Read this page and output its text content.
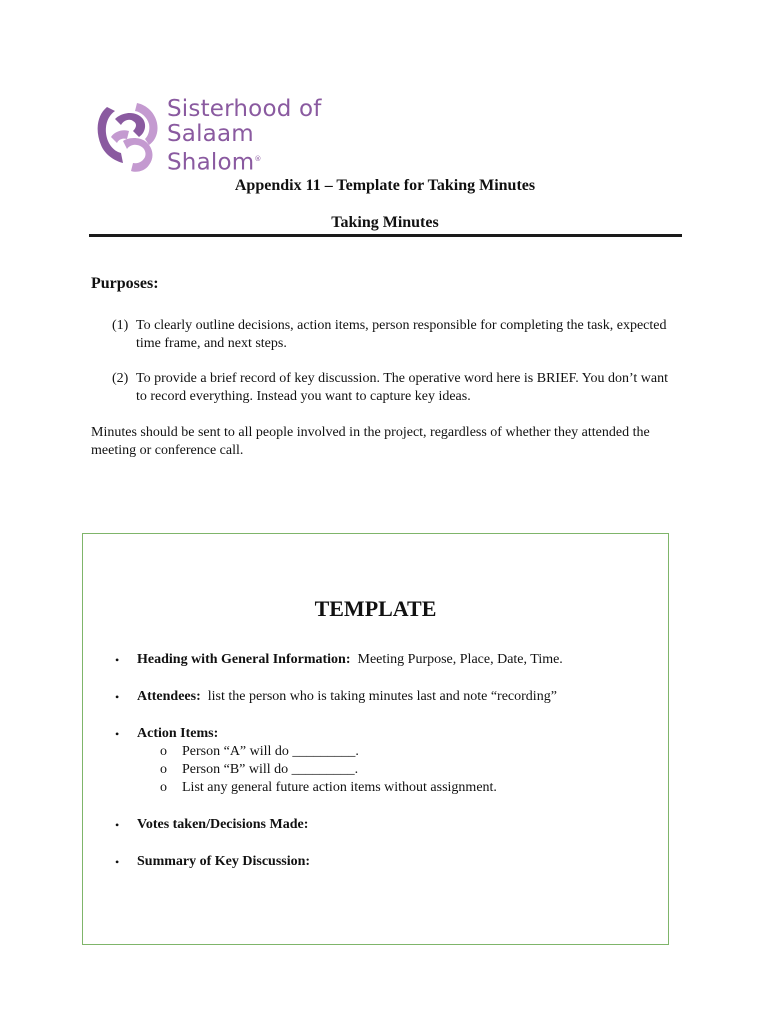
Sisterhood of
Salaam Shalom®
Appendix 11 – Template for Taking Minutes
Taking Minutes
Purposes:
(1) To clearly outline decisions, action items, person responsible for completing the task, expected time frame, and next steps.
(2) To provide a brief record of key discussion. The operative word here is BRIEF. You don’t want to record everything. Instead you want to capture key ideas.
Minutes should be sent to all people involved in the project, regardless of whether they attended the meeting or conference call.
TEMPLATE
•	Heading with General Information:  Meeting Purpose, Place, Date, Time.
•	Attendees:  list the person who is taking minutes last and note “recording”
•	Action Items:
o	Person “A” will do _________.
o	Person “B” will do _________.
o	List any general future action items without assignment.
•	Votes taken/Decisions Made:
•	Summary of Key Discussion:
